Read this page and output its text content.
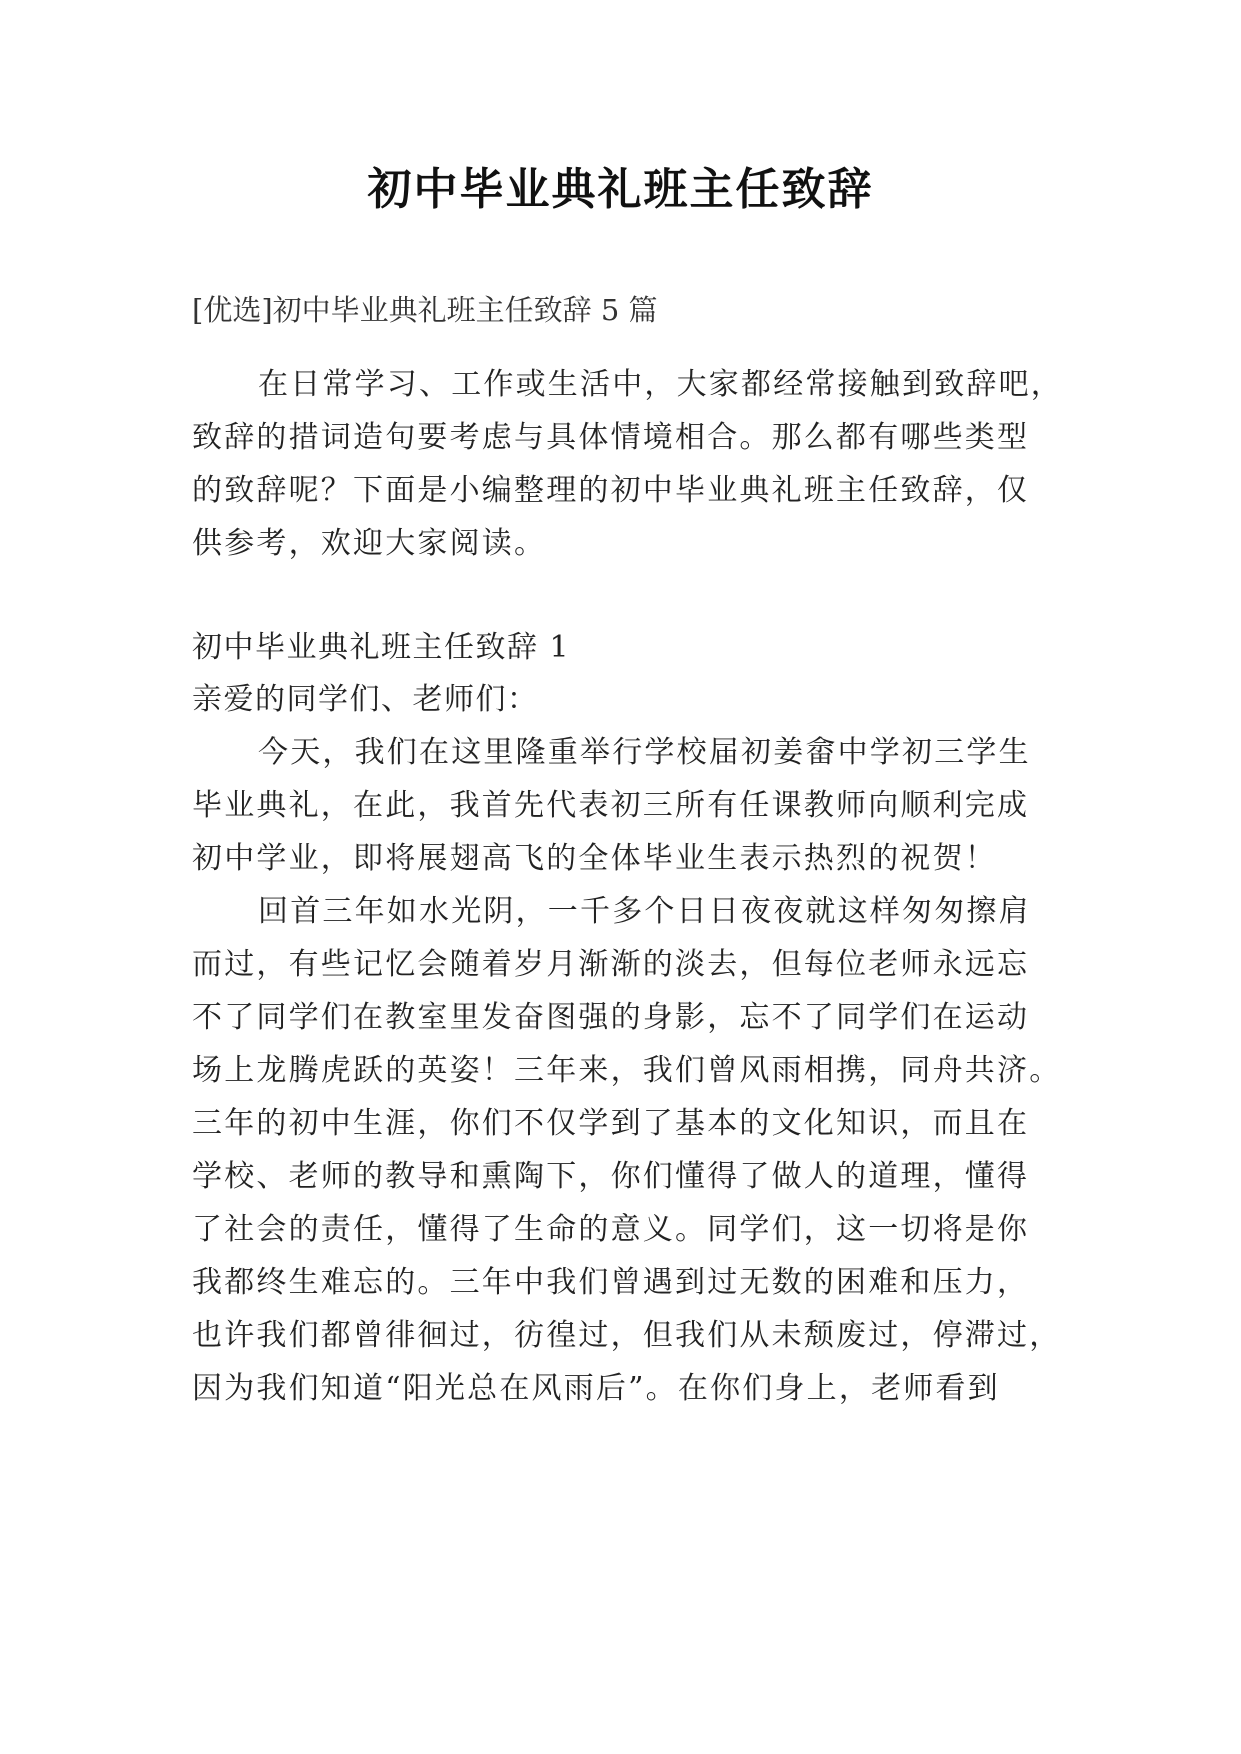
初中毕业典礼班主任致辞
[优选]初中毕业典礼班主任致辞 5 篇
在日常学习、工作或生活中，大家都经常接触到致辞吧，
致辞的措词造句要考虑与具体情境相合。那么都有哪些类型
的致辞呢？下面是小编整理的初中毕业典礼班主任致辞，仅
供参考，欢迎大家阅读。
初中毕业典礼班主任致辞 1
亲爱的同学们、老师们：
今天，我们在这里隆重举行学校届初姜畲中学初三学生
毕业典礼，在此，我首先代表初三所有任课教师向顺利完成
初中学业，即将展翅高飞的全体毕业生表示热烈的祝贺！
回首三年如水光阴，一千多个日日夜夜就这样匆匆擦肩
而过，有些记忆会随着岁月渐渐的淡去，但每位老师永远忘
不了同学们在教室里发奋图强的身影，忘不了同学们在运动
场上龙腾虎跃的英姿！三年来，我们曾风雨相携，同舟共济。
三年的初中生涯，你们不仅学到了基本的文化知识，而且在
学校、老师的教导和熏陶下，你们懂得了做人的道理，懂得
了社会的责任，懂得了生命的意义。同学们，这一切将是你
我都终生难忘的。三年中我们曾遇到过无数的困难和压力，
也许我们都曾徘徊过，彷徨过，但我们从未颓废过，停滞过，
因为我们知道“阳光总在风雨后”。在你们身上，老师看到
